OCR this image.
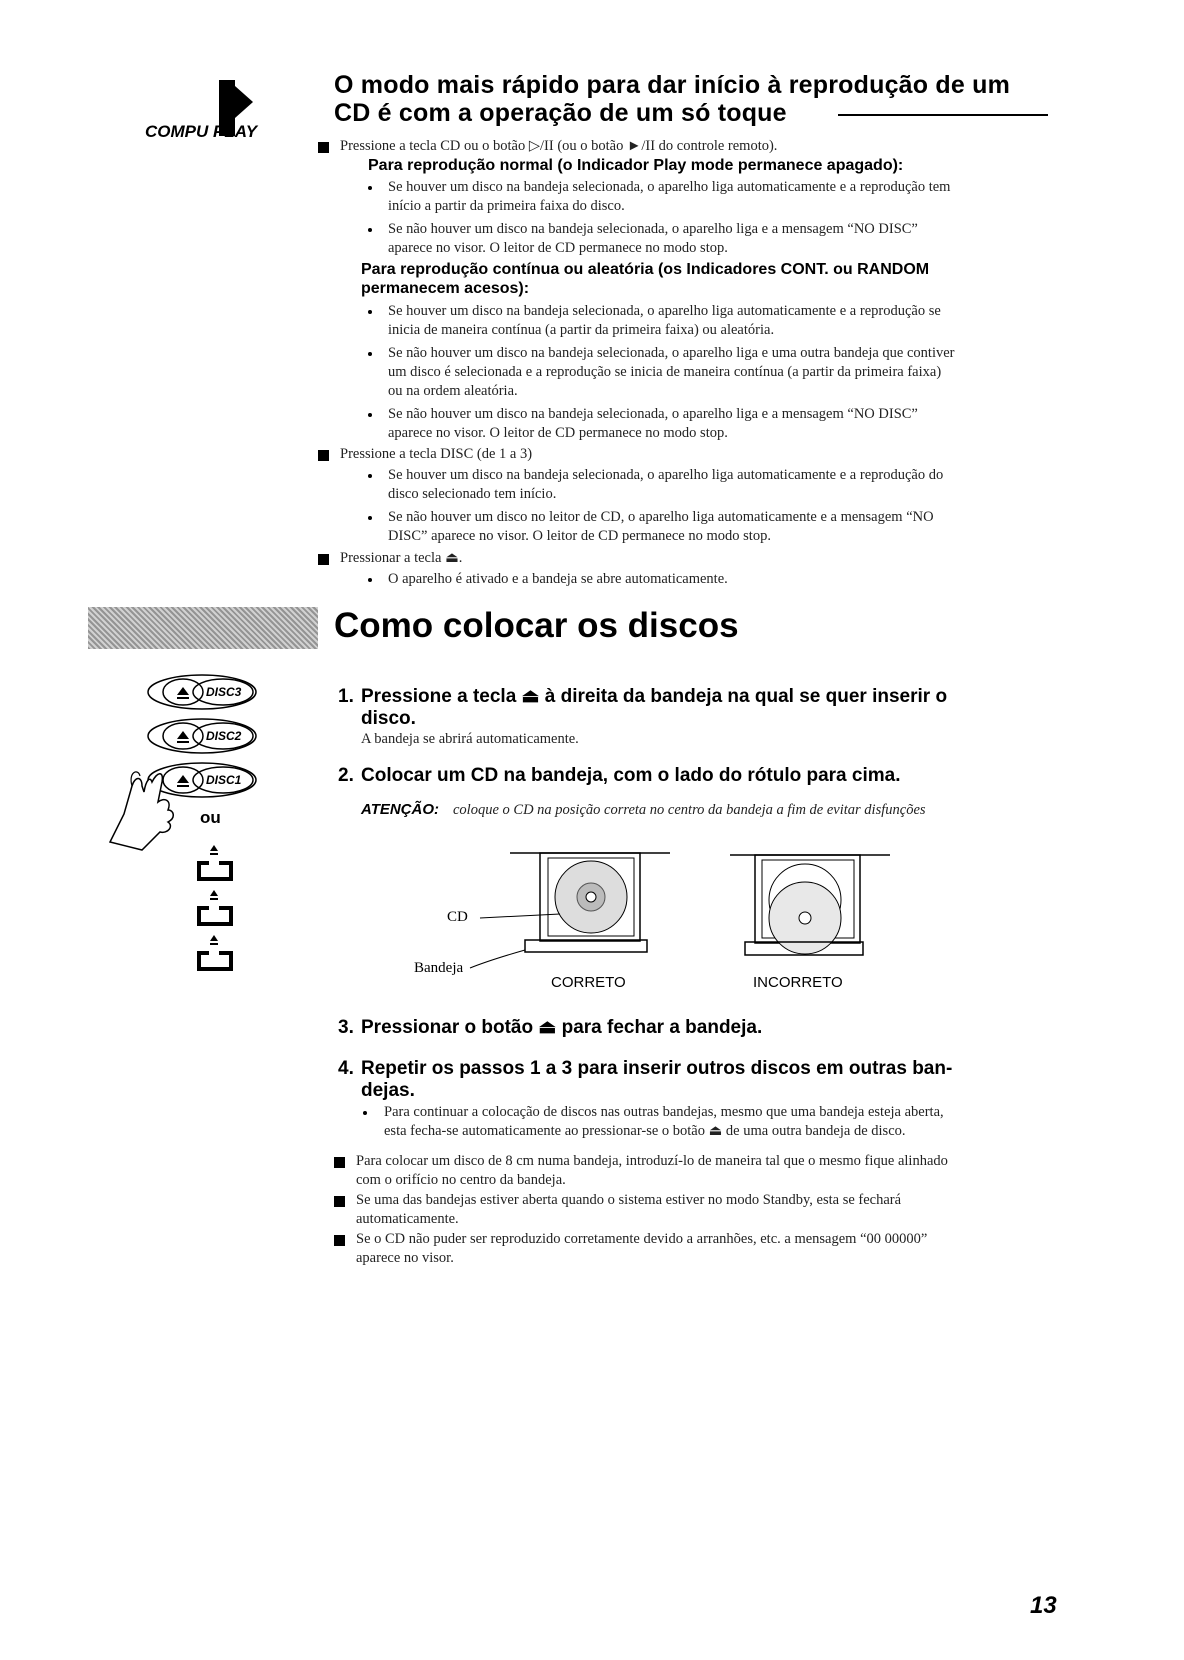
COMPU PLAY
O modo mais rápido para dar início à reprodução de um
CD é com a operação de um só toque
Pressione a tecla CD ou o botão ▷/II (ou o botão ►/II do controle remoto).
Para reprodução normal (o Indicador Play mode permanece apagado):
Se houver um disco na bandeja selecionada, o aparelho liga automaticamente e a reprodução tem
início a partir da primeira faixa do disco.
Se não houver um disco na bandeja selecionada, o aparelho liga e a mensagem “NO DISC”
aparece no visor. O leitor de CD permanece no modo stop.
Para reprodução contínua ou aleatória (os Indicadores CONT. ou RANDOM
permanecem acesos):
Se houver um disco na bandeja selecionada, o aparelho liga automaticamente e a reprodução se
inicia de maneira contínua (a partir da primeira faixa) ou aleatória.
Se não houver um disco na bandeja selecionada, o aparelho liga e uma outra bandeja que contiver
um disco é selecionada e a reprodução se inicia de maneira contínua (a partir da primeira faixa)
ou na ordem aleatória.
Se não houver um disco na bandeja selecionada, o aparelho liga e a mensagem “NO DISC”
aparece no visor. O leitor de CD permanece no modo stop.
Pressione a tecla DISC (de 1 a 3)
Se houver um disco na bandeja selecionada, o aparelho liga automaticamente e a reprodução do
disco selecionado tem início.
Se não houver um disco no leitor de CD, o aparelho liga automaticamente e a mensagem “NO
DISC” aparece no visor. O leitor de CD permanece no modo stop.
Pressionar a tecla ⏏.
O aparelho é ativado e a bandeja se abre automaticamente.
Como colocar os discos
DISC3
DISC2
DISC1
ou
1. Pressione a tecla ⏏ à direita da bandeja na qual se quer inserir o
disco.
A bandeja se abrirá automaticamente.
2. Colocar um CD na bandeja, com o lado do rótulo para cima.
ATENÇÃO: coloque o CD na posição correta no centro da bandeja a fim de evitar disfunções
CD
Bandeja
CORRETO	INCORRETO
3. Pressionar o botão ⏏ para fechar a bandeja.
4. Repetir os passos 1 a 3 para inserir outros discos em outras ban-
dejas.
Para continuar a colocação de discos nas outras bandejas, mesmo que uma bandeja esteja aberta,
esta fecha-se automaticamente ao pressionar-se o botão ⏏ de uma outra bandeja de disco.
Para colocar um disco de 8 cm numa bandeja, introduzí-lo de maneira tal que o mesmo fique alinhado
com o orifício no centro da bandeja.
Se uma das bandejas estiver aberta quando o sistema estiver no modo Standby, esta se fechará
automaticamente.
Se o CD não puder ser reproduzido corretamente devido a arranhões, etc. a mensagem “00 00000”
aparece no visor.
13
